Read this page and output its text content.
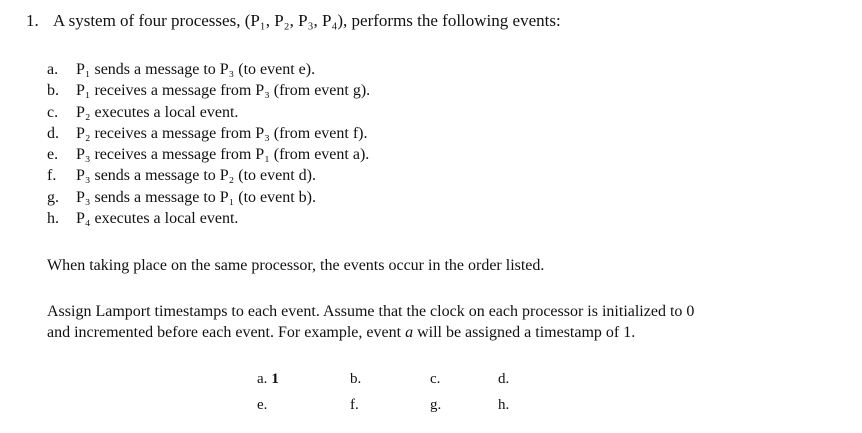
1. A system of four processes, (P₁, P₂, P₃, P₄), performs the following events:
a. P₁ sends a message to P₃ (to event e).
b. P₁ receives a message from P₃ (from event g).
c. P₂ executes a local event.
d. P₂ receives a message from P₃ (from event f).
e. P₃ receives a message from P₁ (from event a).
f. P₃ sends a message to P₂ (to event d).
g. P₃ sends a message to P₁ (to event b).
h. P₄ executes a local event.
When taking place on the same processor, the events occur in the order listed.
Assign Lamport timestamps to each event. Assume that the clock on each processor is initialized to 0
and incremented before each event. For example, event a will be assigned a timestamp of 1.
a. 1	b.	c.	d.
e.	f.	g.	h.
